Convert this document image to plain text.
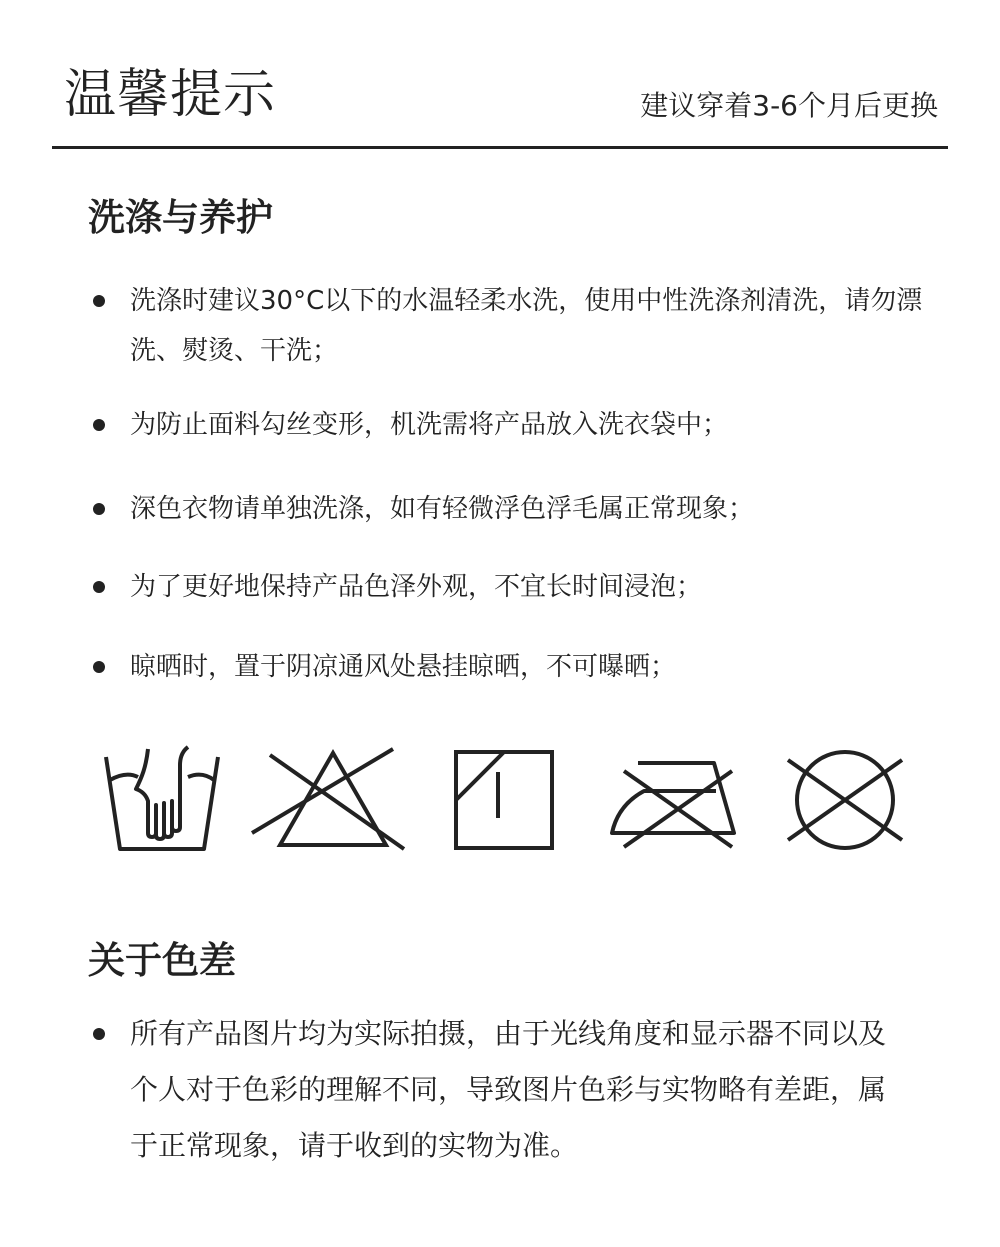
温馨提示	建议穿着3-6个月后更换
洗涤与养护
洗涤时建议30°C以下的水温轻柔水洗，使用中性洗涤剂清洗，请勿漂洗、熨烫、干洗；
为防止面料勾丝变形，机洗需将产品放入洗衣袋中；
深色衣物请单独洗涤，如有轻微浮色浮毛属正常现象；
为了更好地保持产品色泽外观，不宜长时间浸泡；
晾晒时，置于阴凉通风处悬挂晾晒，不可曝晒；
关于色差
所有产品图片均为实际拍摄，由于光线角度和显示器不同以及个人对于色彩的理解不同，导致图片色彩与实物略有差距，属于正常现象，请于收到的实物为准。
